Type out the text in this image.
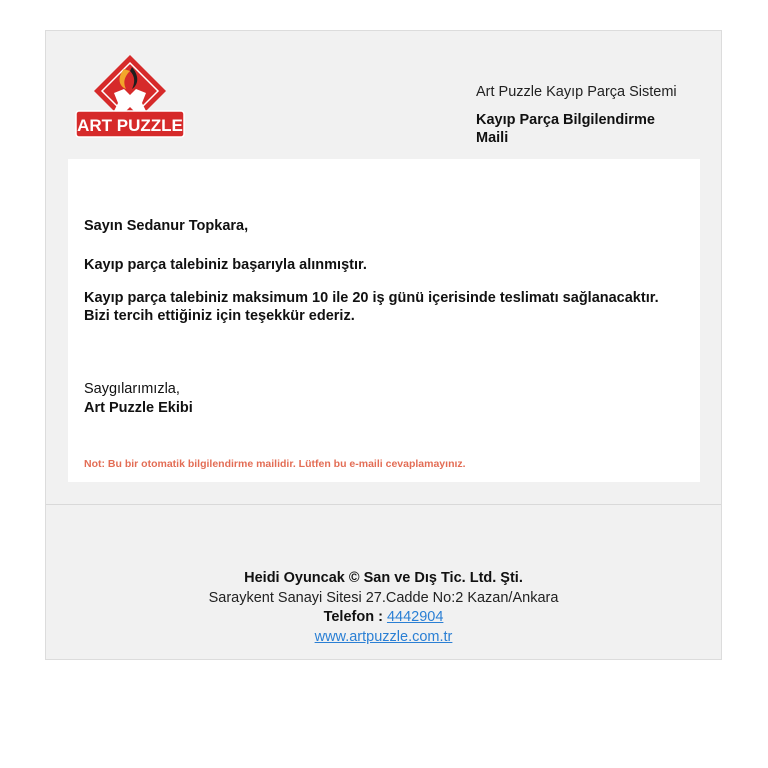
ART PUZZLE

Art Puzzle Kayıp Parça Sistemi

Kayıp Parça Bilgilendirme Maili

Sayın Sedanur Topkara,

Kayıp parça talebiniz başarıyla alınmıştır.

Kayıp parça talebiniz maksimum 10 ile 20 iş günü içerisinde teslimatı sağlanacaktır.

Bizi tercih ettiğiniz için teşekkür ederiz.

Saygılarımızla,

Art Puzzle Ekibi

Not: Bu bir otomatik bilgilendirme mailidir. Lütfen bu e-maili cevaplamayınız.

Heidi Oyuncak © San ve Dış Tic. Ltd. Şti.
Saraykent Sanayi Sitesi 27.Cadde No:2 Kazan/Ankara
Telefon : 4442904
www.artpuzzle.com.tr
